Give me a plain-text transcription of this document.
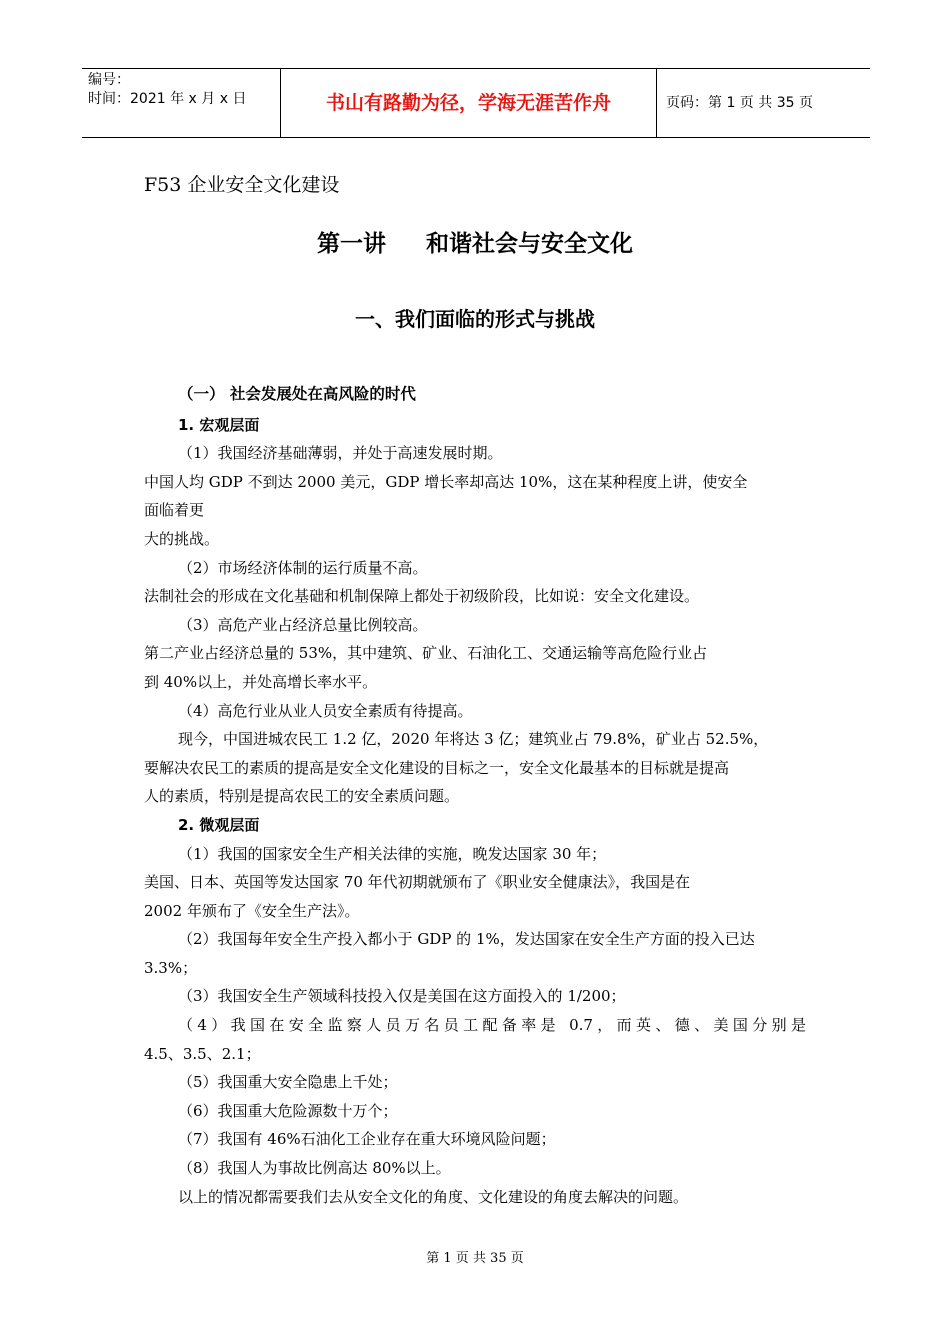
编号：
时间：2021 年 x 月 x 日	书山有路勤为径，学海无涯苦作舟	页码：第 1 页 共 35 页
F53 企业安全文化建设
第一讲 和谐社会与安全文化
一、我们面临的形式与挑战

（一） 社会发展处在高风险的时代

1. 宏观层面

（1）我国经济基础薄弱，并处于高速发展时期。

中国人均 GDP 不到达 2000 美元，GDP 增长率却高达 10%，这在某种程度上讲，使安全

面临着更

大的挑战。

（2）市场经济体制的运行质量不高。

法制社会的形成在文化基础和机制保障上都处于初级阶段，比如说：安全文化建设。

（3）高危产业占经济总量比例较高。

第二产业占经济总量的 53%，其中建筑、矿业、石油化工、交通运输等高危险行业占

到 40%以上，并处高增长率水平。

（4）高危行业从业人员安全素质有待提高。

现今，中国进城农民工 1.2 亿，2020 年将达 3 亿；建筑业占 79.8%，矿业占 52.5%，

要解决农民工的素质的提高是安全文化建设的目标之一，安全文化最基本的目标就是提高

人的素质，特别是提高农民工的安全素质问题。

2. 微观层面

（1）我国的国家安全生产相关法律的实施，晚发达国家 30 年；

美国、日本、英国等发达国家 70 年代初期就颁布了《职业安全健康法》，我国是在

2002 年颁布了《安全生产法》。

（2）我国每年安全生产投入都小于 GDP 的 1%，发达国家在安全生产方面的投入已达

3.3%；

（3）我国安全生产领域科技投入仅是美国在这方面投入的 1/200；

（4）我国在安全监察人员万名员工配备率是 0.7，而英、德、美国分别是

4.5、3.5、2.1；

（5）我国重大安全隐患上千处；

（6）我国重大危险源数十万个；

（7）我国有 46%石油化工企业存在重大环境风险问题；

（8）我国人为事故比例高达 80%以上。

以上的情况都需要我们去从安全文化的角度、文化建设的角度去解决的问题。

第 1 页 共 35 页
